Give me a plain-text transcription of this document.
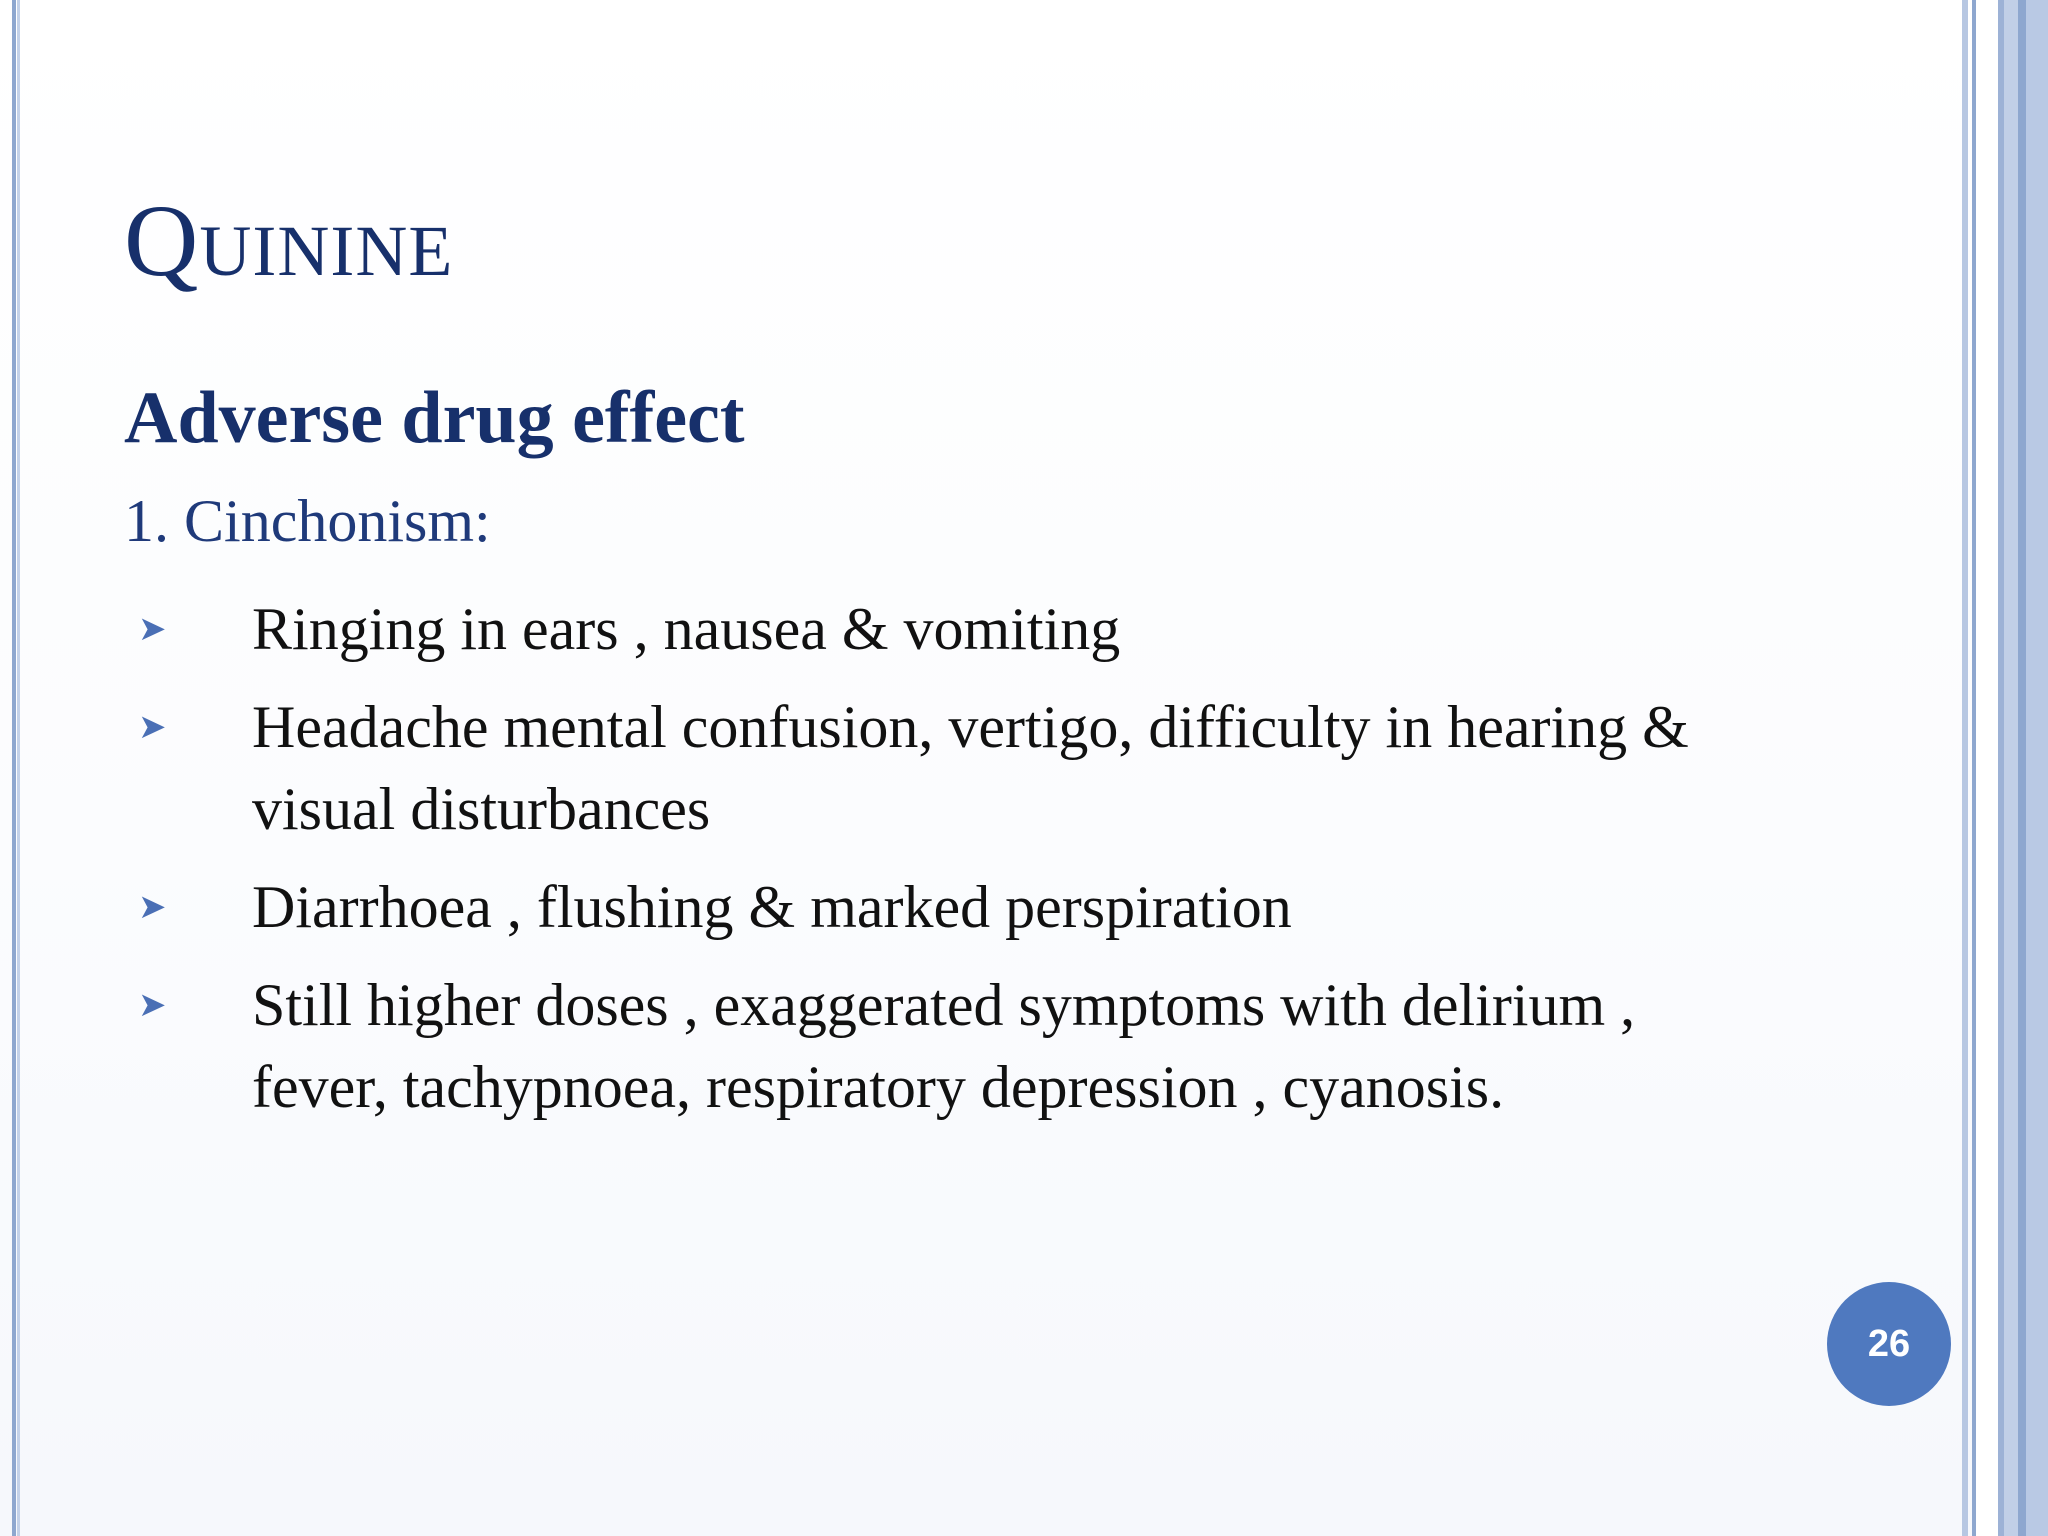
Quinine
Adverse drug effect

1. Cinchonism:

➤ Ringing in ears , nausea & vomiting
➤ Headache mental confusion, vertigo, difficulty in hearing & visual disturbances
➤ Diarrhoea , flushing & marked perspiration
➤ Still higher doses , exaggerated symptoms with delirium , fever, tachypnoea, respiratory depression , cyanosis.
26
